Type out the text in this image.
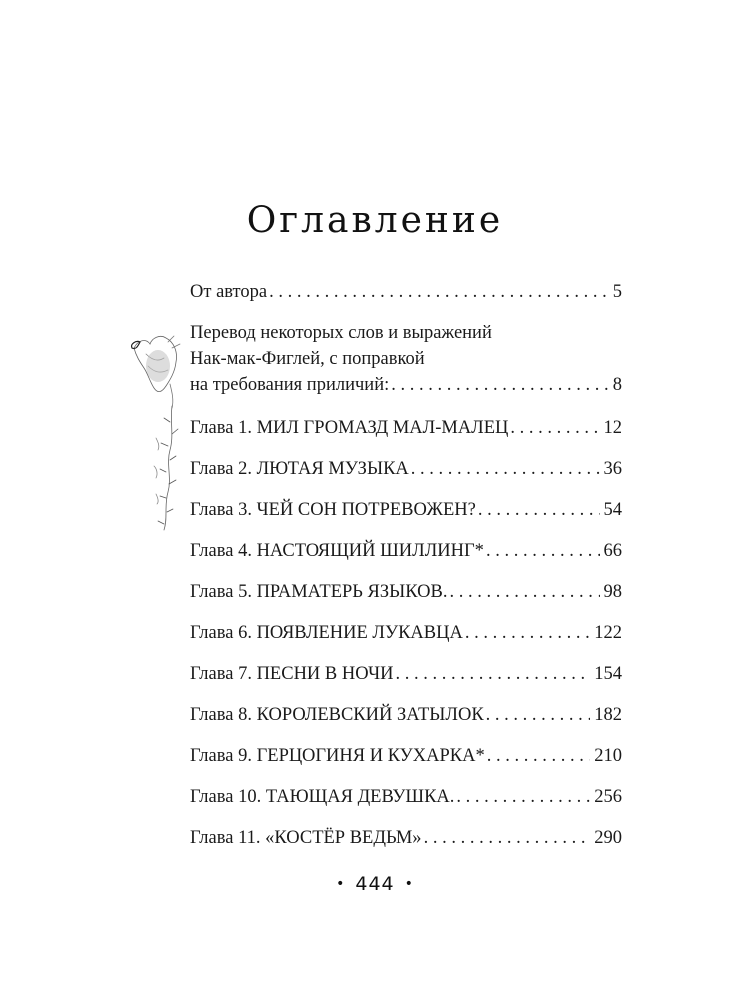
Оглавление
От автора . . .	5
Перевод некоторых слов и выражений
Нак-мак-Фиглей, с поправкой
на требования приличий: . . .	8
Глава 1. МИЛ ГРОМАЗД МАЛ-МАЛЕЦ . . .	12
Глава 2. ЛЮТАЯ МУЗЫКА . . .	36
Глава 3. ЧЕЙ СОН ПОТРЕВОЖЕН? . . .	54
Глава 4. НАСТОЯЩИЙ ШИЛЛИНГ* . . .	66
Глава 5. ПРАМАТЕРЬ ЯЗЫКОВ. . . .	98
Глава 6. ПОЯВЛЕНИЕ ЛУКАВЦА . . .	122
Глава 7. ПЕСНИ В НОЧИ . . .	154
Глава 8. КОРОЛЕВСКИЙ ЗАТЫЛОК . . .	182
Глава 9. ГЕРЦОГИНЯ И КУХАРКА* . . .	210
Глава 10. ТАЮЩАЯ ДЕВУШКА. . . .	256
Глава 11. «КОСТЁР ВЕДЬМ» . . .	290
• 444 •
